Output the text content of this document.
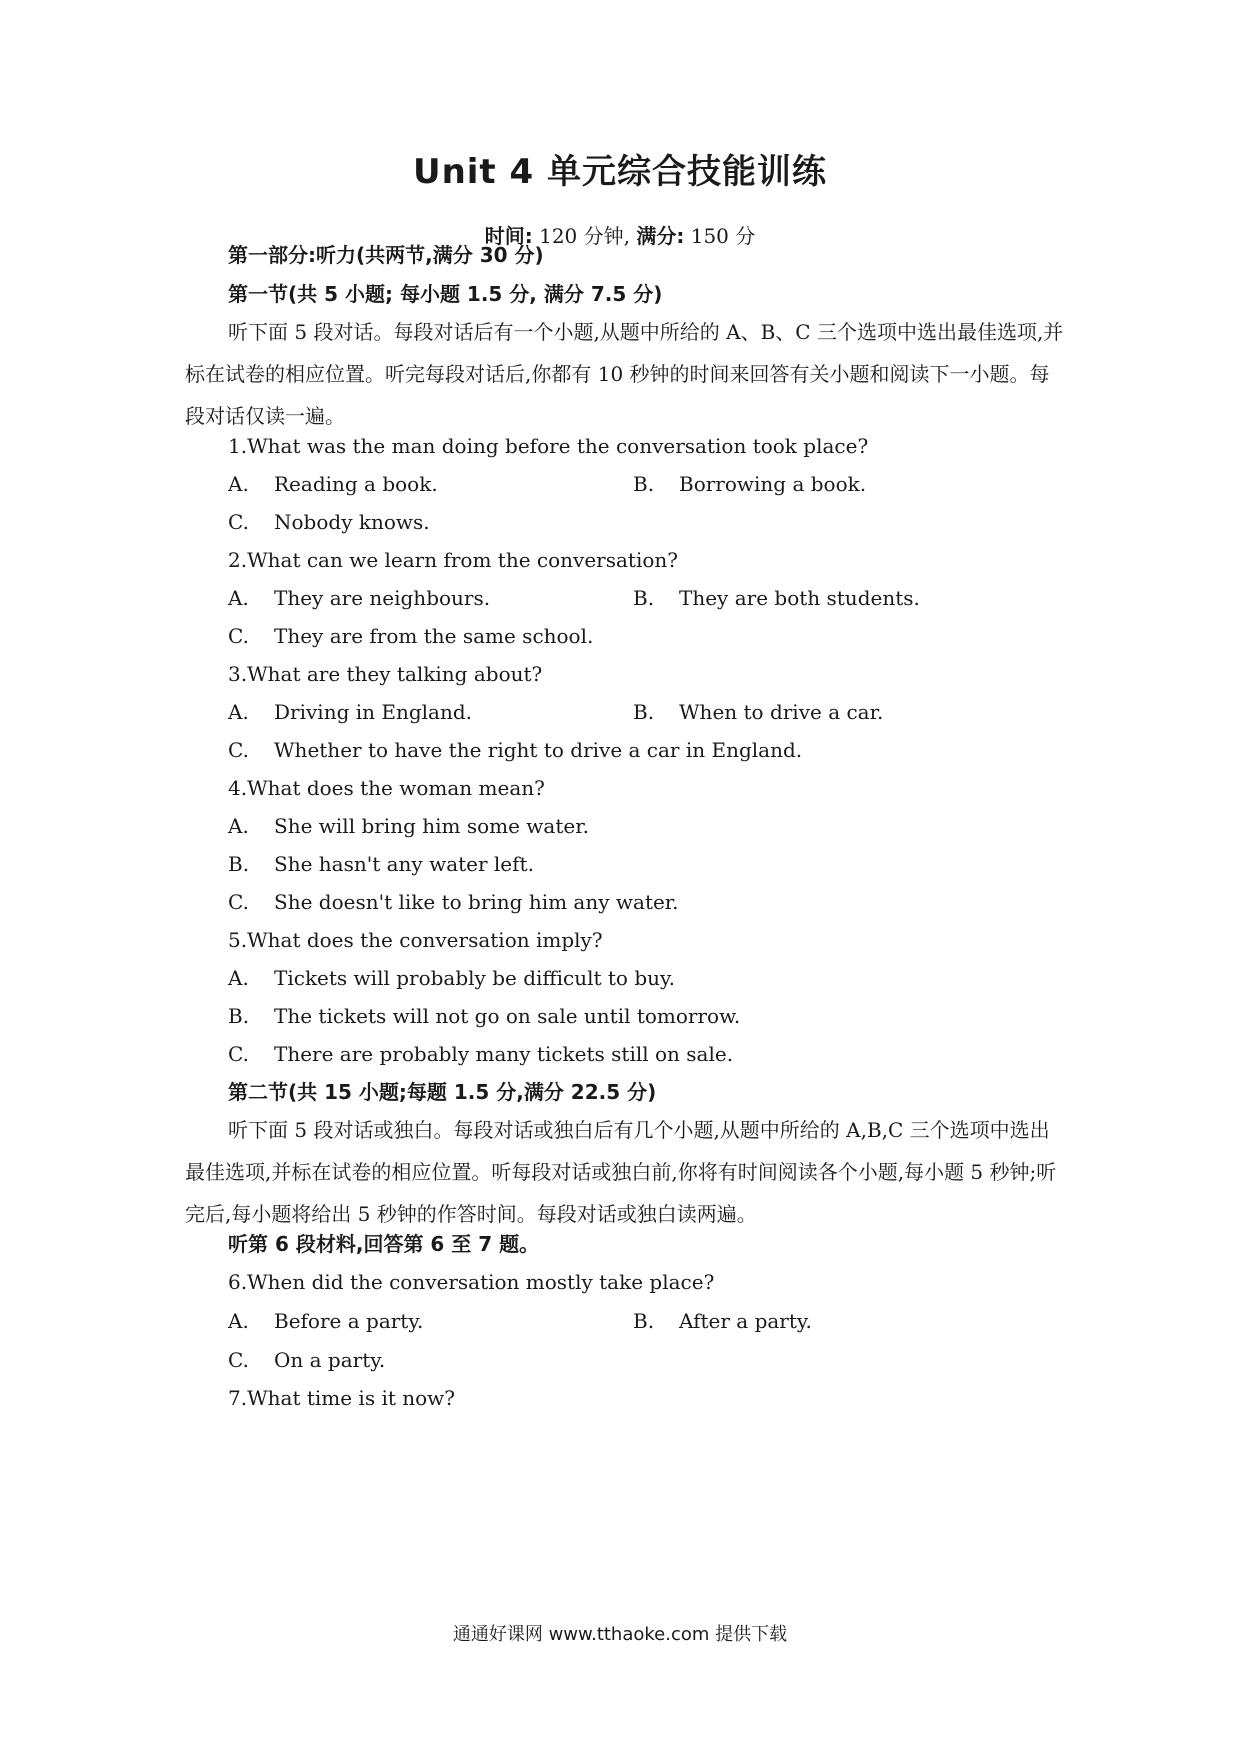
Unit 4 单元综合技能训练
时间: 120 分钟, 满分: 150 分
第一部分:听力(共两节,满分 30 分)
第一节(共 5 小题; 每小题 1.5 分, 满分 7.5 分)
听下面 5 段对话。每段对话后有一个小题,从题中所给的 A、B、C 三个选项中选出最佳选项,并标在试卷的相应位置。听完每段对话后,你都有 10 秒钟的时间来回答有关小题和阅读下一小题。每段对话仅读一遍。
1.What was the man doing before the conversation took place?
A. Reading a book.	B. Borrowing a book.
C. Nobody knows.
2.What can we learn from the conversation?
A. They are neighbours.	B. They are both students.
C. They are from the same school.
3.What are they talking about?
A. Driving in England.	B. When to drive a car.
C. Whether to have the right to drive a car in England.
4.What does the woman mean?
A. She will bring him some water.
B. She hasn't any water left.
C. She doesn't like to bring him any water.
5.What does the conversation imply?
A. Tickets will probably be difficult to buy.
B. The tickets will not go on sale until tomorrow.
C. There are probably many tickets still on sale.
第二节(共 15 小题;每题 1.5 分,满分 22.5 分)
听下面 5 段对话或独白。每段对话或独白后有几个小题,从题中所给的 A,B,C 三个选项中选出最佳选项,并标在试卷的相应位置。听每段对话或独白前,你将有时间阅读各个小题,每小题 5 秒钟;听完后,每小题将给出 5 秒钟的作答时间。每段对话或独白读两遍。
听第 6 段材料,回答第 6 至 7 题。
6.When did the conversation mostly take place?
A. Before a party.	B. After a party.
C. On a party.
7.What time is it now?
通通好课网 www.tthaoke.com 提供下载
